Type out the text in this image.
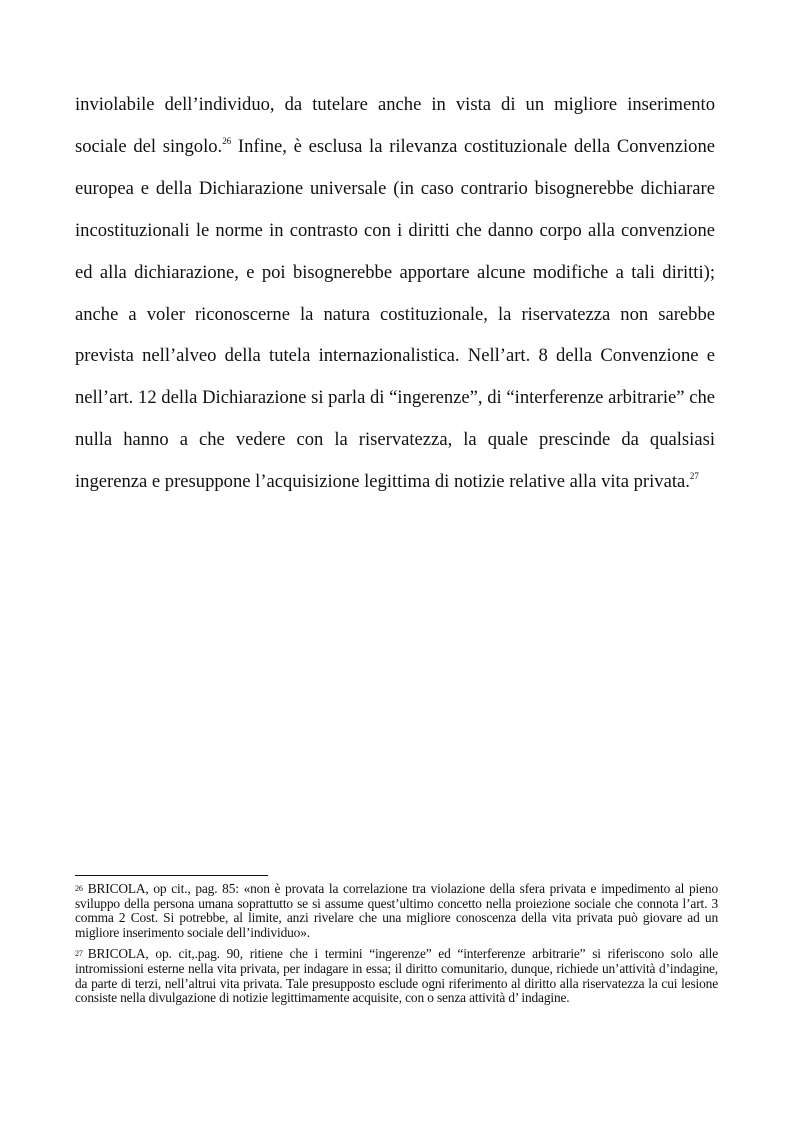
inviolabile dell’individuo, da tutelare anche in vista di un migliore inserimento sociale del singolo.$^{26}$ Infine, è esclusa la rilevanza costituzionale della Convenzione europea e della Dichiarazione universale (in caso contrario bisognerebbe dichiarare incostituzionali le norme in contrasto con i diritti che danno corpo alla convenzione ed alla dichiarazione, e poi bisognerebbe apportare alcune modifiche a tali diritti); anche a voler riconoscerne la natura costituzionale, la riservatezza non sarebbe prevista nell’alveo della tutela internazionalistica. Nell’art. 8 della Convenzione e nell’art. 12 della Dichiarazione si parla di “ingerenze”, di “interferenze arbitrarie” che nulla hanno a che vedere con la riservatezza, la quale prescinde da qualsiasi ingerenza e presuppone l’acquisizione legittima di notizie relative alla vita privata.$^{27}$

26 BRICOLA, op cit., pag. 85: «non è provata la correlazione tra violazione della sfera privata e impedimento al pieno sviluppo della persona umana soprattutto se si assume quest’ultimo concetto nella proiezione sociale che connota l’art. 3 comma 2 Cost. Si potrebbe, al limite, anzi rivelare che una migliore conoscenza della vita privata può giovare ad un migliore inserimento sociale dell’individuo».

27 BRICOLA, op. cit,.pag. 90, ritiene che i termini “ingerenze” ed “interferenze arbitrarie” si riferiscono solo alle intromissioni esterne nella vita privata, per indagare in essa; il diritto comunitario, dunque, richiede un’attività d’indagine, da parte di terzi, nell’altrui vita privata. Tale presupposto esclude ogni riferimento al diritto alla riservatezza la cui lesione consiste nella divulgazione di notizie legittimamente acquisite, con o senza attività d’ indagine.
